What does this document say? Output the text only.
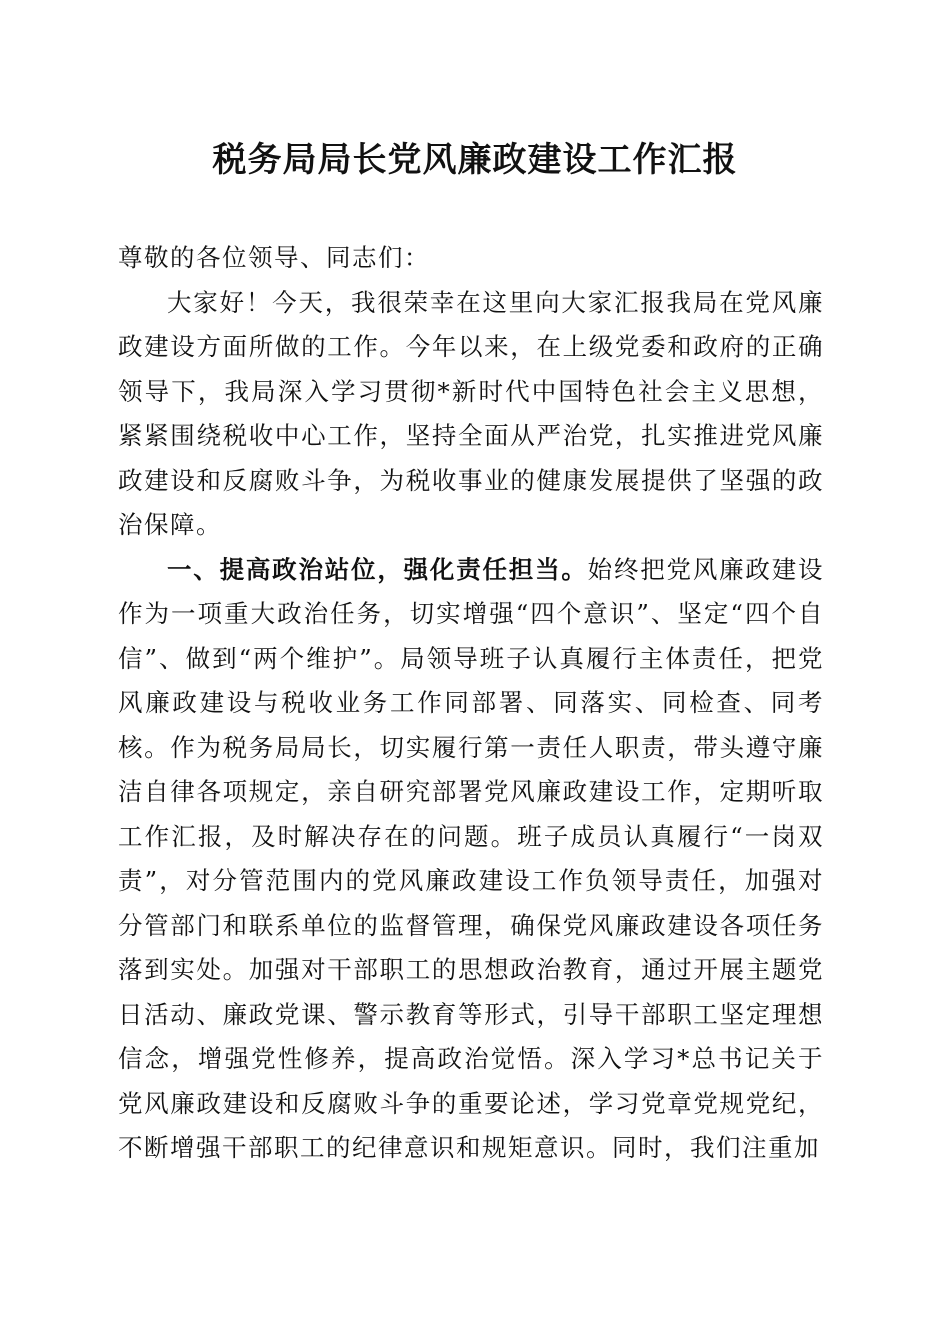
税务局局长党风廉政建设工作汇报

尊敬的各位领导、同志们：

大家好！今天，我很荣幸在这里向大家汇报我局在党风廉政建设方面所做的工作。今年以来，在上级党委和政府的正确领导下，我局深入学习贯彻*新时代中国特色社会主义思想，紧紧围绕税收中心工作，坚持全面从严治党，扎实推进党风廉政建设和反腐败斗争，为税收事业的健康发展提供了坚强的政治保障。

一、提高政治站位，强化责任担当。始终把党风廉政建设作为一项重大政治任务，切实增强“四个意识”、坚定“四个自信”、做到“两个维护”。局领导班子认真履行主体责任，把党风廉政建设与税收业务工作同部署、同落实、同检查、同考核。作为税务局局长，切实履行第一责任人职责，带头遵守廉洁自律各项规定，亲自研究部署党风廉政建设工作，定期听取工作汇报，及时解决存在的问题。班子成员认真履行“一岗双责”，对分管范围内的党风廉政建设工作负领导责任，加强对分管部门和联系单位的监督管理，确保党风廉政建设各项任务落到实处。加强对干部职工的思想政治教育，通过开展主题党日活动、廉政党课、警示教育等形式，引导干部职工坚定理想信念，增强党性修养，提高政治觉悟。深入学习*总书记关于党风廉政建设和反腐败斗争的重要论述，学习党章党规党纪，不断增强干部职工的纪律意识和规矩意识。同时，我们注重加
